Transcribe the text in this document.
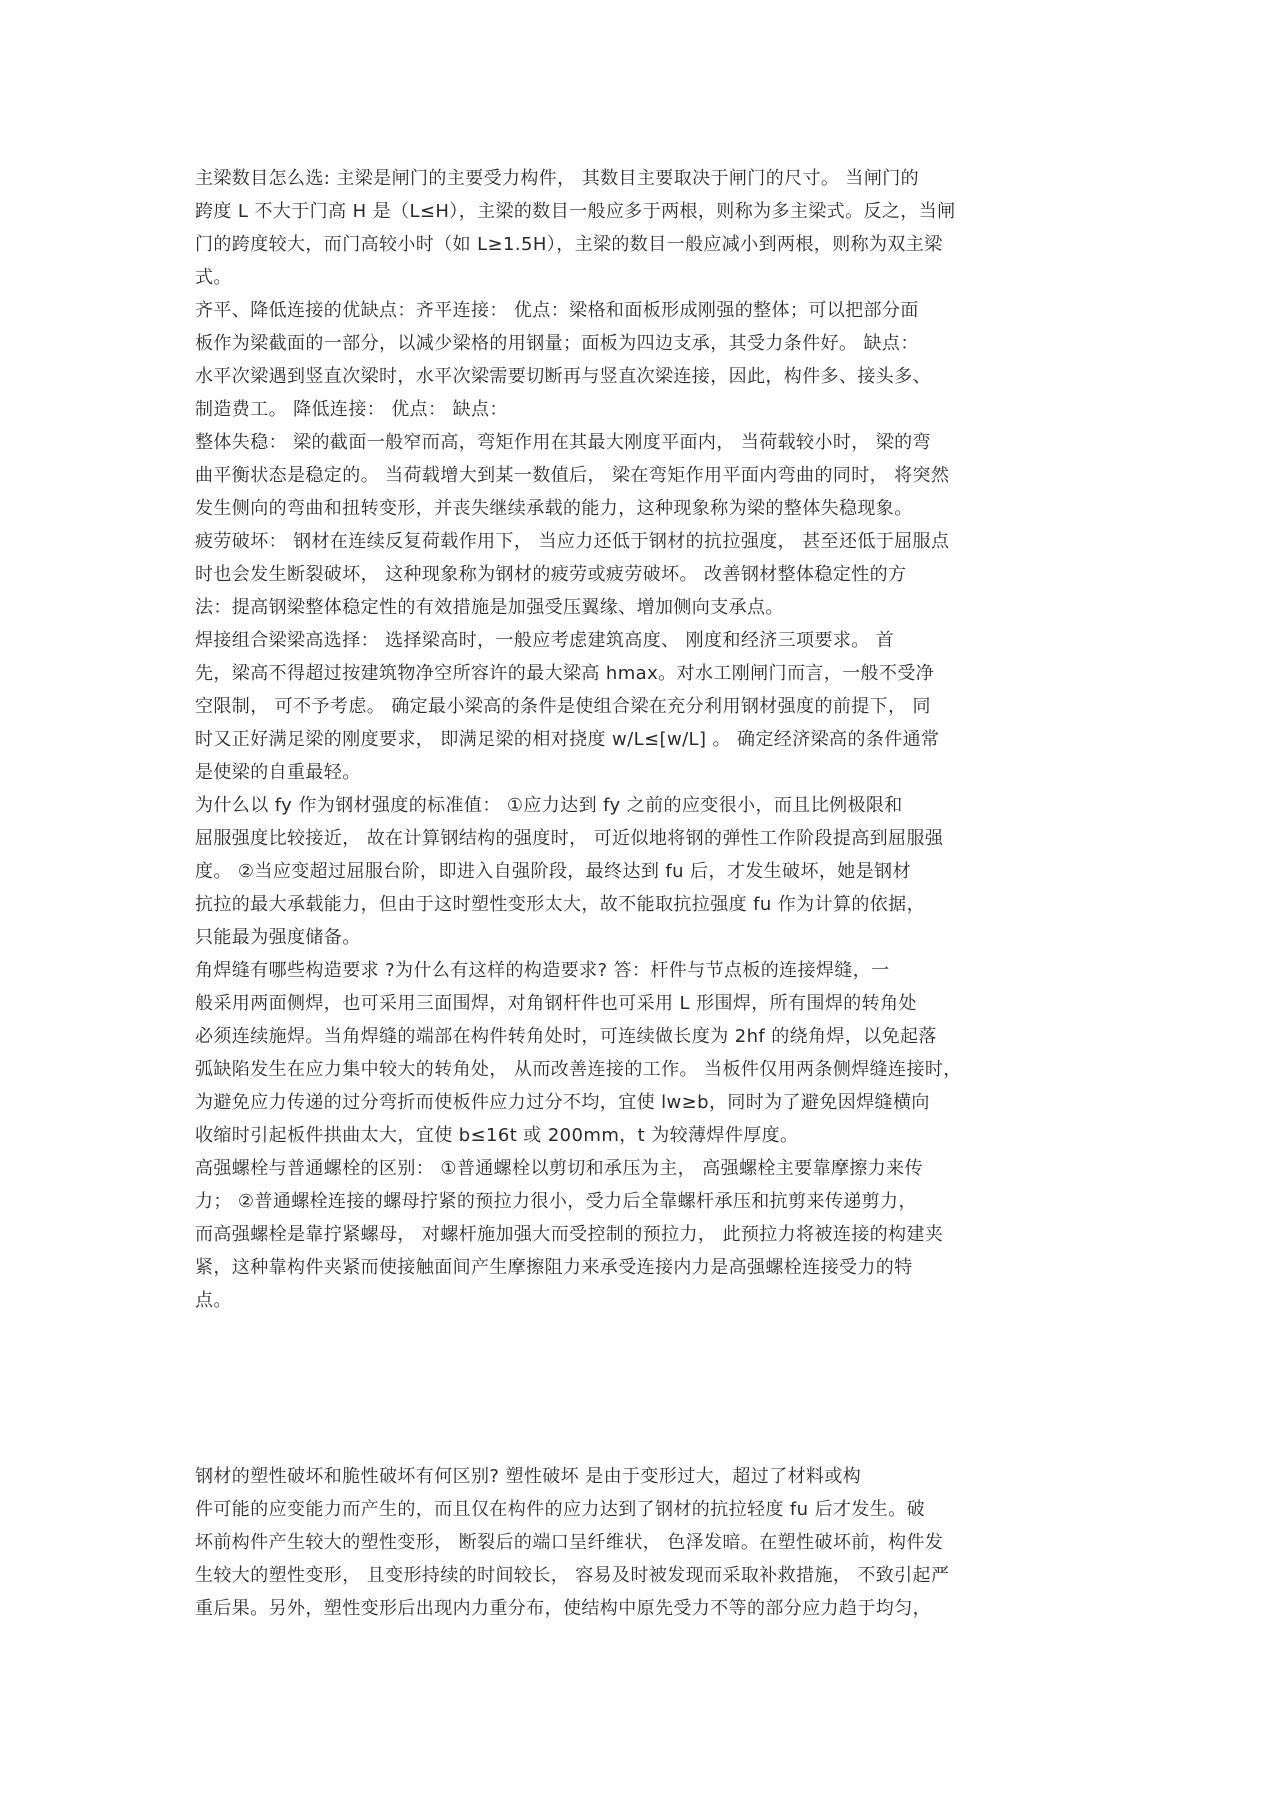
主梁数目怎么选: 主梁是闸门的主要受力构件， 其数目主要取决于闸门的尺寸。 当闸门的
跨度 L 不大于门高 H 是（L≤H），主梁的数目一般应多于两根，则称为多主梁式。反之，当闸
门的跨度较大，而门高较小时（如 L≥1.5H），主梁的数目一般应减小到两根，则称为双主梁
式。
齐平、降低连接的优缺点：齐平连接： 优点：梁格和面板形成刚强的整体；可以把部分面
板作为梁截面的一部分，以减少梁格的用钢量；面板为四边支承，其受力条件好。 缺点：
水平次梁遇到竖直次梁时，水平次梁需要切断再与竖直次梁连接，因此，构件多、接头多、
制造费工。 降低连接： 优点： 缺点：
整体失稳： 梁的截面一般窄而高，弯矩作用在其最大刚度平面内， 当荷载较小时， 梁的弯
曲平衡状态是稳定的。 当荷载增大到某一数值后， 梁在弯矩作用平面内弯曲的同时， 将突然
发生侧向的弯曲和扭转变形，并丧失继续承载的能力，这种现象称为梁的整体失稳现象。
疲劳破坏： 钢材在连续反复荷载作用下， 当应力还低于钢材的抗拉强度， 甚至还低于屈服点
时也会发生断裂破坏， 这种现象称为钢材的疲劳或疲劳破坏。 改善钢材整体稳定性的方
法：提高钢梁整体稳定性的有效措施是加强受压翼缘、增加侧向支承点。
焊接组合梁梁高选择： 选择梁高时，一般应考虑建筑高度、 刚度和经济三项要求。 首
先，梁高不得超过按建筑物净空所容许的最大梁高 hmax。对水工刚闸门而言，一般不受净
空限制， 可不予考虑。 确定最小梁高的条件是使组合梁在充分利用钢材强度的前提下， 同
时又正好满足梁的刚度要求， 即满足梁的相对挠度 w/L≤[w/L] 。 确定经济梁高的条件通常
是使梁的自重最轻。
为什么以 fy 作为钢材强度的标准值： ①应力达到 fy 之前的应变很小，而且比例极限和
屈服强度比较接近， 故在计算钢结构的强度时， 可近似地将钢的弹性工作阶段提高到屈服强
度。 ②当应变超过屈服台阶，即进入自强阶段，最终达到 fu 后，才发生破坏，她是钢材
抗拉的最大承载能力，但由于这时塑性变形太大，故不能取抗拉强度 fu 作为计算的依据，
只能最为强度储备。
角焊缝有哪些构造要求 ?为什么有这样的构造要求? 答：杆件与节点板的连接焊缝，一
般采用两面侧焊，也可采用三面围焊，对角钢杆件也可采用 L 形围焊，所有围焊的转角处
必须连续施焊。当角焊缝的端部在构件转角处时，可连续做长度为 2hf 的绕角焊，以免起落
弧缺陷发生在应力集中较大的转角处， 从而改善连接的工作。 当板件仅用两条侧焊缝连接时，
为避免应力传递的过分弯折而使板件应力过分不均，宜使 lw≥b，同时为了避免因焊缝横向
收缩时引起板件拱曲太大，宜使 b≤16t 或 200mm，t 为较薄焊件厚度。
高强螺栓与普通螺栓的区别： ①普通螺栓以剪切和承压为主， 高强螺栓主要靠摩擦力来传
力； ②普通螺栓连接的螺母拧紧的预拉力很小，受力后全靠螺杆承压和抗剪来传递剪力，
而高强螺栓是靠拧紧螺母， 对螺杆施加强大而受控制的预拉力， 此预拉力将被连接的构建夹
紧，这种靠构件夹紧而使接触面间产生摩擦阻力来承受连接内力是高强螺栓连接受力的特
点。
钢材的塑性破坏和脆性破坏有何区别? 塑性破坏 是由于变形过大，超过了材料或构
件可能的应变能力而产生的，而且仅在构件的应力达到了钢材的抗拉轻度 fu 后才发生。破
坏前构件产生较大的塑性变形， 断裂后的端口呈纤维状， 色泽发暗。在塑性破坏前，构件发
生较大的塑性变形， 且变形持续的时间较长， 容易及时被发现而采取补救措施， 不致引起严
重后果。另外，塑性变形后出现内力重分布，使结构中原先受力不等的部分应力趋于均匀，
